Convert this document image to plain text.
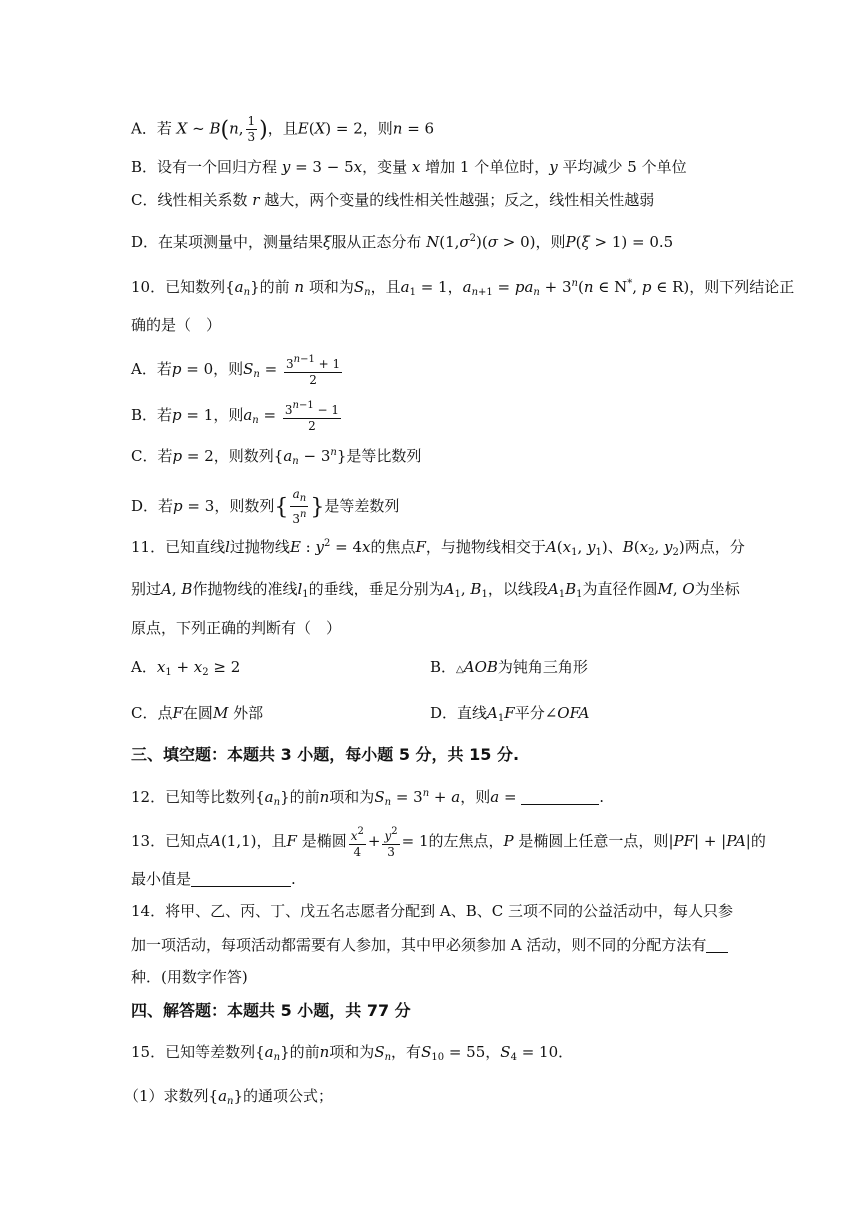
A．若 X ~ B(n, $\frac{1}{3}$ )，且E(X) = 2，则n = 6
B．设有一个回归方程 y = 3 − 5x，变量 x 增加 1 个单位时，y 平均减少 5 个单位
C．线性相关系数 r 越大，两个变量的线性相关性越强；反之，线性相关性越弱
D．在某项测量中，测量结果ξ服从正态分布 $N(1,\sigma^2)(\sigma > 0)$，则P(ξ > 1) = 0.5
10．已知数列$\{a_n\}$的前 n 项和为$S_n$，且$a_1 = 1$，$a_{n+1} = pa_n + 3^n(n$ ∈ N*, p ∈ R)，则下列结论正
确的是（　）
A．若p = 0，则$S_n = \frac{3^{n-1} + 1}{2}$
B．若p = 1，则$a_n = \frac{3^{n-1} - 1}{2}$
C．若p = 2，则数列$\{a_n - 3^n\}$是等比数列
D．若p = 3，则数列{ $\frac{a_n}{3^n}$ }是等差数列
11．已知直线l过抛物线E : $y^2 = 4x$的焦点F，与抛物线相交于$A(x_1$, $y_1$)、$B(x_2$, $y_2$)两点，分
别过A, B作抛物线的准线$l_1$的垂线，垂足分别为$A_1$, $B_1$，以线段$A_1B_1$为直径作圆M, O为坐标
原点，下列正确的判断有（　）
A．$x_1 + x_2 \ge 2$	B．△AOB为钝角三角形
C．点F在圆M 外部	D．直线$A_1F$平分∠OFA
三、填空题：本题共 3 小题，每小题 5 分，共 15 分.
12．已知等比数列$\{a_n\}$的前n项和为$S_n = 3^n + a$，则a =	.
13．已知点A(1,1)，且F 是椭圆 $\frac{x^2}{4} + \frac{y^2}{3} = 1$的左焦点，P 是椭圆上任意一点，则|PF| + |PA|的
最小值是	.
14．将甲、乙、丙、丁、戊五名志愿者分配到 A、B、C 三项不同的公益活动中，每人只参
加一项活动，每项活动都需要有人参加，其中甲必须参加 A 活动，则不同的分配方法有
种．(用数字作答)
四、解答题：本题共 5 小题，共 77 分
15．已知等差数列$\{a_n\}$的前n项和为$S_n$，有$S_{10} = 55$，$S_4 = 10$．
（1）求数列$\{a_n\}$的通项公式；
